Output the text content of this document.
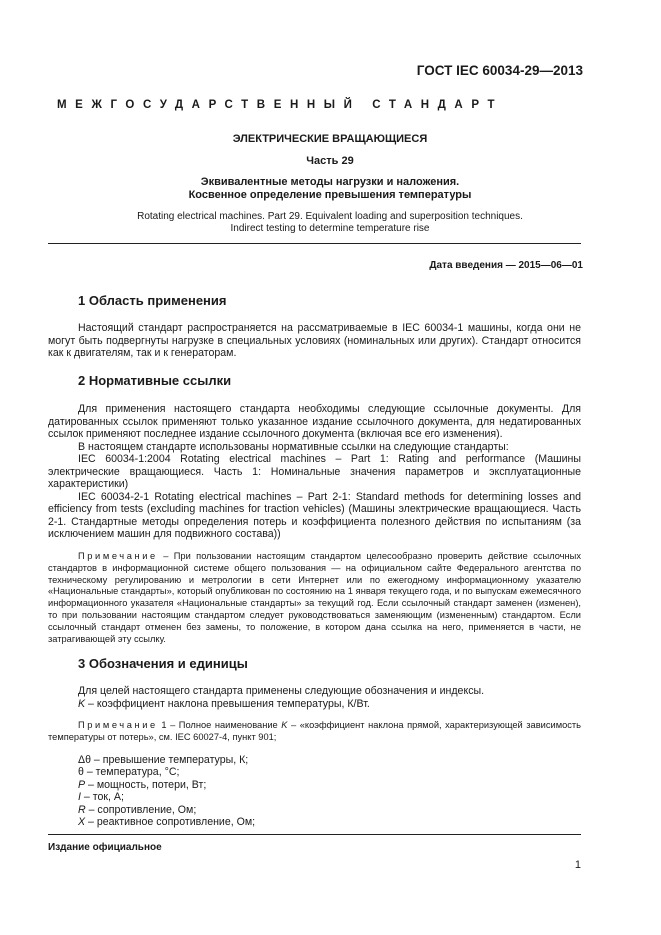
ГОСТ IEC 60034-29—2013
МЕЖГОСУДАРСТВЕННЫЙ СТАНДАРТ
ЭЛЕКТРИЧЕСКИЕ ВРАЩАЮЩИЕСЯ
Часть 29
Эквивалентные методы нагрузки и наложения.
Косвенное определение превышения температуры
Rotating electrical machines. Part 29. Equivalent loading and superposition techniques.
Indirect testing to determine temperature rise
Дата введения — 2015—06—01
1 Область применения
Настоящий стандарт распространяется на рассматриваемые в IEC 60034-1 машины, когда они не могут быть подвергнуты нагрузке в специальных условиях (номинальных или других). Стандарт относится как к двигателям, так и к генераторам.
2 Нормативные ссылки
Для применения настоящего стандарта необходимы следующие ссылочные документы. Для датированных ссылок применяют только указанное издание ссылочного документа, для недатированных ссылок применяют последнее издание ссылочного документа (включая все его изменения).
В настоящем стандарте использованы нормативные ссылки на следующие стандарты:
IEC 60034-1:2004 Rotating electrical machines – Part 1: Rating and performance (Машины электрические вращающиеся. Часть 1: Номинальные значения параметров и эксплуатационные характеристики)
IEC 60034-2-1 Rotating electrical machines – Part 2-1: Standard methods for determining losses and efficiency from tests (excluding machines for traction vehicles) (Машины электрические вращающиеся. Часть 2-1. Стандартные методы определения потерь и коэффициента полезного действия по испытаниям (за исключением машин для подвижного состава))
Примечание – При пользовании настоящим стандартом целесообразно проверить действие ссылочных стандартов в информационной системе общего пользования — на официальном сайте Федерального агентства по техническому регулированию и метрологии в сети Интернет или по ежегодному информационному указателю «Национальные стандарты», который опубликован по состоянию на 1 января текущего года, и по выпускам ежемесячного информационного указателя «Национальные стандарты» за текущий год. Если ссылочный стандарт заменен (изменен), то при пользовании настоящим стандартом следует руководствоваться заменяющим (измененным) стандартом. Если ссылочный стандарт отменен без замены, то положение, в котором дана ссылка на него, применяется в части, не затрагивающей эту ссылку.
3 Обозначения и единицы
Для целей настоящего стандарта применены следующие обозначения и индексы.
K – коэффициент наклона превышения температуры, К/Вт.
Примечание 1 – Полное наименование K – «коэффициент наклона прямой, характеризующей зависимость температуры от потерь», см. IEC 60027-4, пункт 901;
Δθ – превышение температуры, К;
θ – температура, °С;
P – мощность, потери, Вт;
I – ток, А;
R – сопротивление, Ом;
X – реактивное сопротивление, Ом;
Издание официальное
1
